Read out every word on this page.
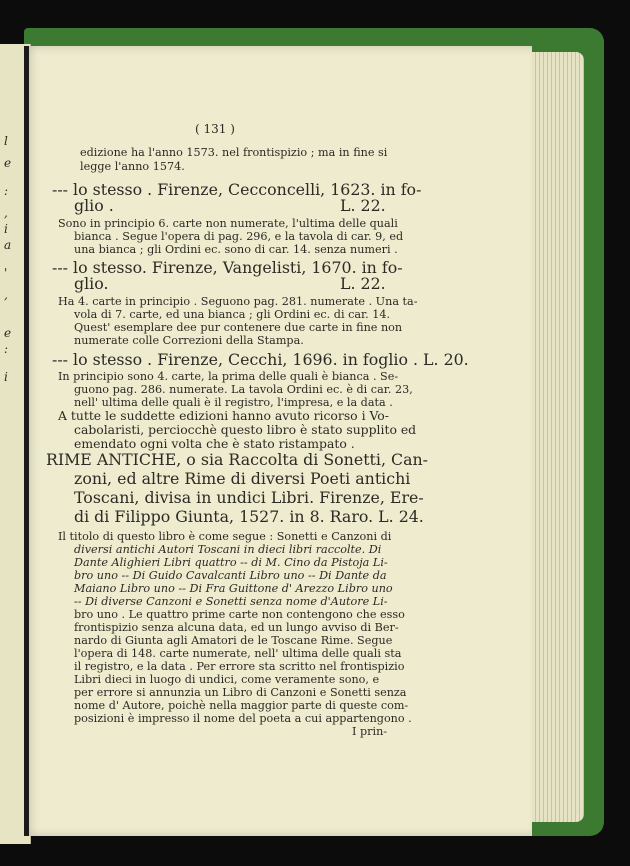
l
e
:
,
i
a
'
,
e
:
i
( 131 )
edizione ha l'anno 1573. nel frontispizio ; ma in fine si
legge l'anno 1574.
--- lo stesso . Firenze, Cecconcelli, 1623. in fo-
glio .	L. 22.
Sono in principio 6. carte non numerate, l'ultima delle quali
bianca . Segue l'opera di pag. 296, e la tavola di car. 9, ed
una bianca ; gli Ordini ec. sono di car. 14. senza numeri .
--- lo stesso. Firenze, Vangelisti, 1670. in fo-
glio.	L. 22.
Ha 4. carte in principio . Seguono pag. 281. numerate . Una ta-
vola di 7. carte, ed una bianca ; gli Ordini ec. di car. 14.
Quest' esemplare dee pur contenere due carte in fine non
numerate colle Correzioni della Stampa.
--- lo stesso . Firenze, Cecchi, 1696. in foglio . L. 20.
In principio sono 4. carte, la prima delle quali è bianca . Se-
guono pag. 286. numerate. La tavola Ordini ec. è di car. 23,
nell' ultima delle quali è il registro, l'impresa, e la data .
A tutte le suddette edizioni hanno avuto ricorso i Vo-
cabolaristi, perciocchè questo libro è stato supplito ed
emendato ogni volta che è stato ristampato .
RIME ANTICHE, o sia Raccolta di Sonetti, Can-
zoni, ed altre Rime di diversi Poeti antichi
Toscani, divisa in undici Libri. Firenze, Ere-
di di Filippo Giunta, 1527. in 8. Raro. L. 24.
Il titolo di questo libro è come segue : Sonetti e Canzoni di
diversi antichi Autori Toscani in dieci libri raccolte. Di
Dante Alighieri Libri quattro -- di M. Cino da Pistoja Li-
bro uno -- Di Guido Cavalcanti Libro uno -- Di Dante da
Maiano Libro uno -- Di Fra Guittone d' Arezzo Libro uno
-- Di diverse Canzoni e Sonetti senza nome d'Autore Li-
bro uno . Le quattro prime carte non contengono che esso
frontispizio senza alcuna data, ed un lungo avviso di Ber-
nardo di Giunta agli Amatori de le Toscane Rime. Segue
l'opera di 148. carte numerate, nell' ultima delle quali sta
il registro, e la data . Per errore sta scritto nel frontispizio
Libri dieci in luogo di undici, come veramente sono, e
per errore si annunzia un Libro di Canzoni e Sonetti senza
nome d' Autore, poichè nella maggior parte di queste com-
posizioni è impresso il nome del poeta a cui appartengono .
I prin-
